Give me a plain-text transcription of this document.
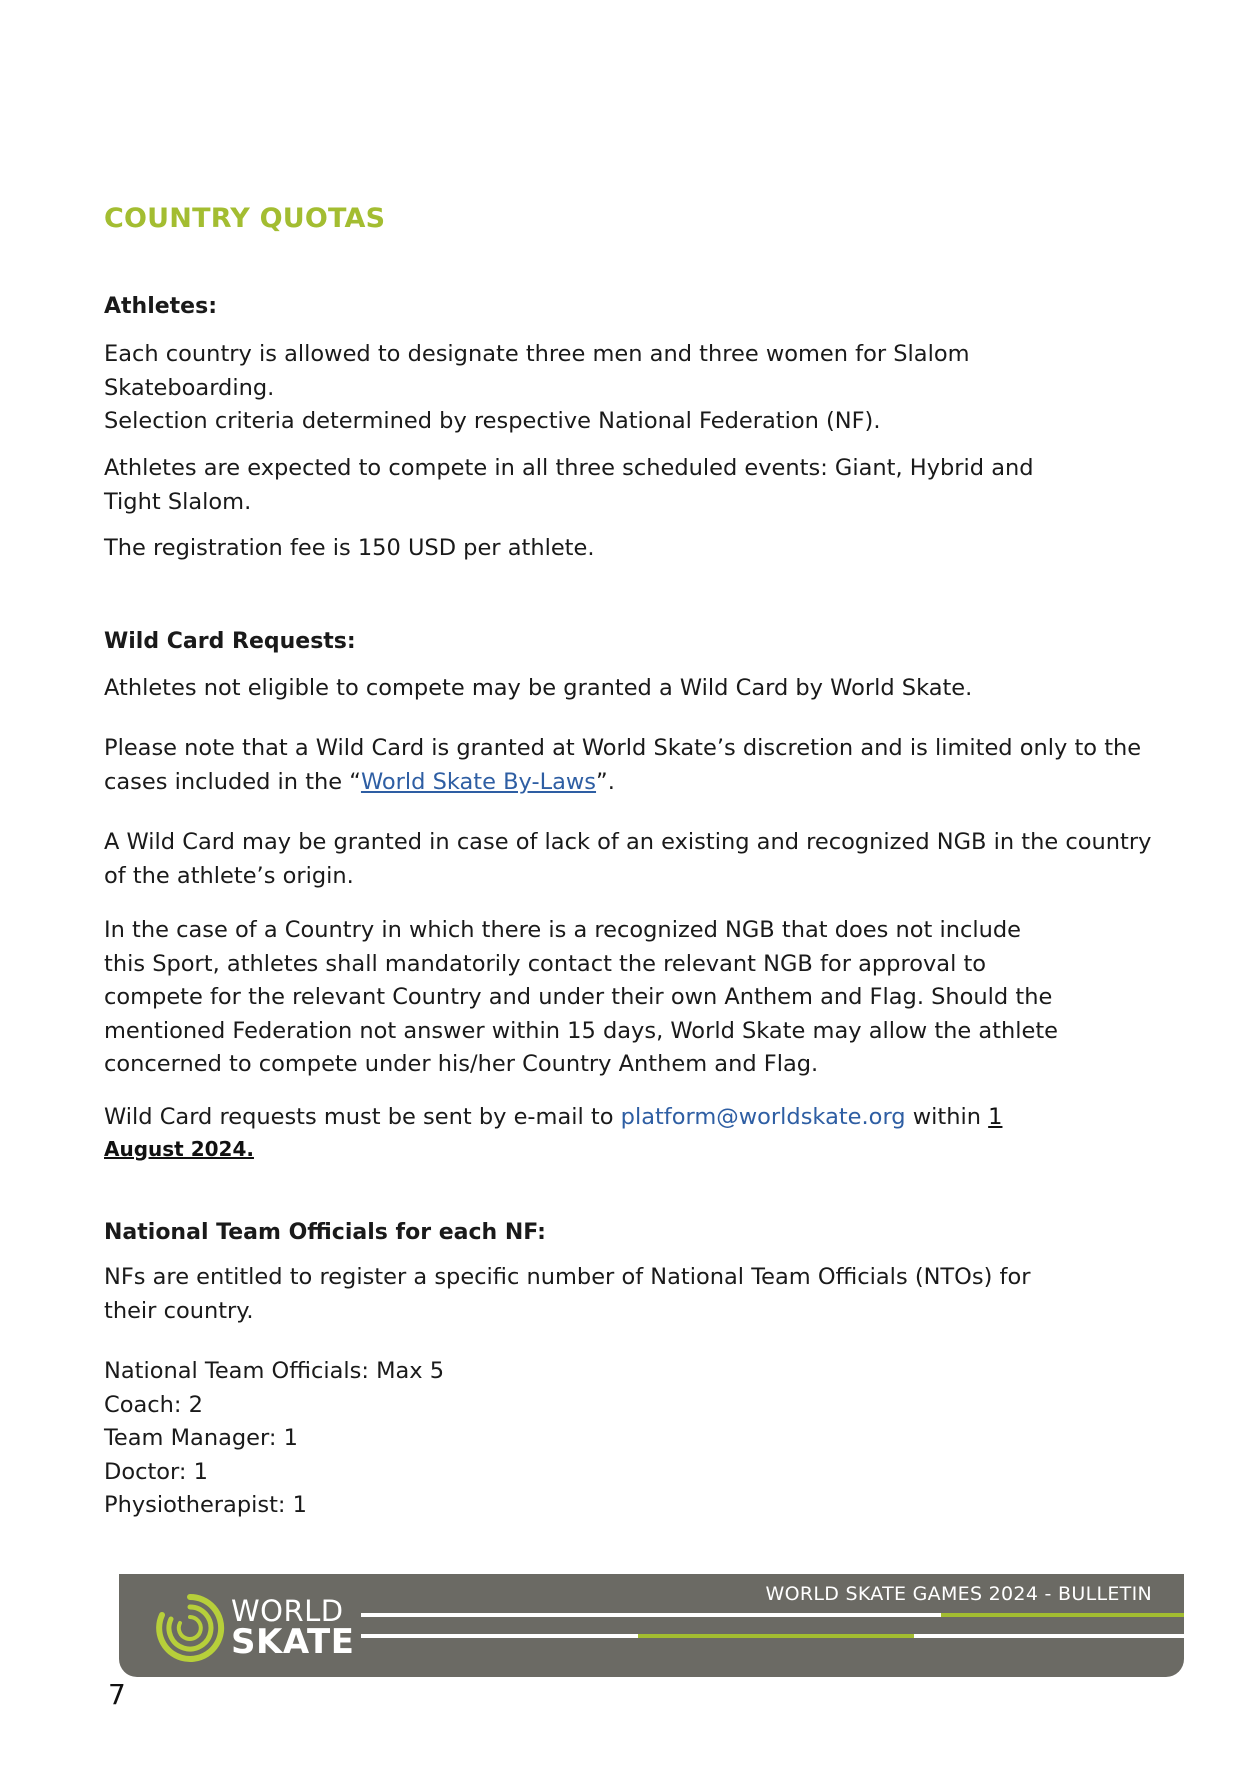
COUNTRY QUOTAS
Athletes:

Each country is allowed to designate three men and three women for Slalom
Skateboarding.
Selection criteria determined by respective National Federation (NF).

Athletes are expected to compete in all three scheduled events: Giant, Hybrid and
Tight Slalom.

The registration fee is 150 USD per athlete.

Wild Card Requests:

Athletes not eligible to compete may be granted a Wild Card by World Skate.

Please note that a Wild Card is granted at World Skate’s discretion and is limited only to the
cases included in the “World Skate By-Laws”.

A Wild Card may be granted in case of lack of an existing and recognized NGB in the country
of the athlete’s origin.

In the case of a Country in which there is a recognized NGB that does not include
this Sport, athletes shall mandatorily contact the relevant NGB for approval to
compete for the relevant Country and under their own Anthem and Flag. Should the
mentioned Federation not answer within 15 days, World Skate may allow the athlete
concerned to compete under his/her Country Anthem and Flag.

Wild Card requests must be sent by e-mail to platform@worldskate.org within 1
August 2024.

National Team Officials for each NF:

NFs are entitled to register a specific number of National Team Officials (NTOs) for
their country.

National Team Officials: Max 5
Coach: 2
Team Manager: 1
Doctor: 1
Physiotherapist: 1

WORLD SKATE GAMES 2024 - BULLETIN
WORLD
SKATE
7
